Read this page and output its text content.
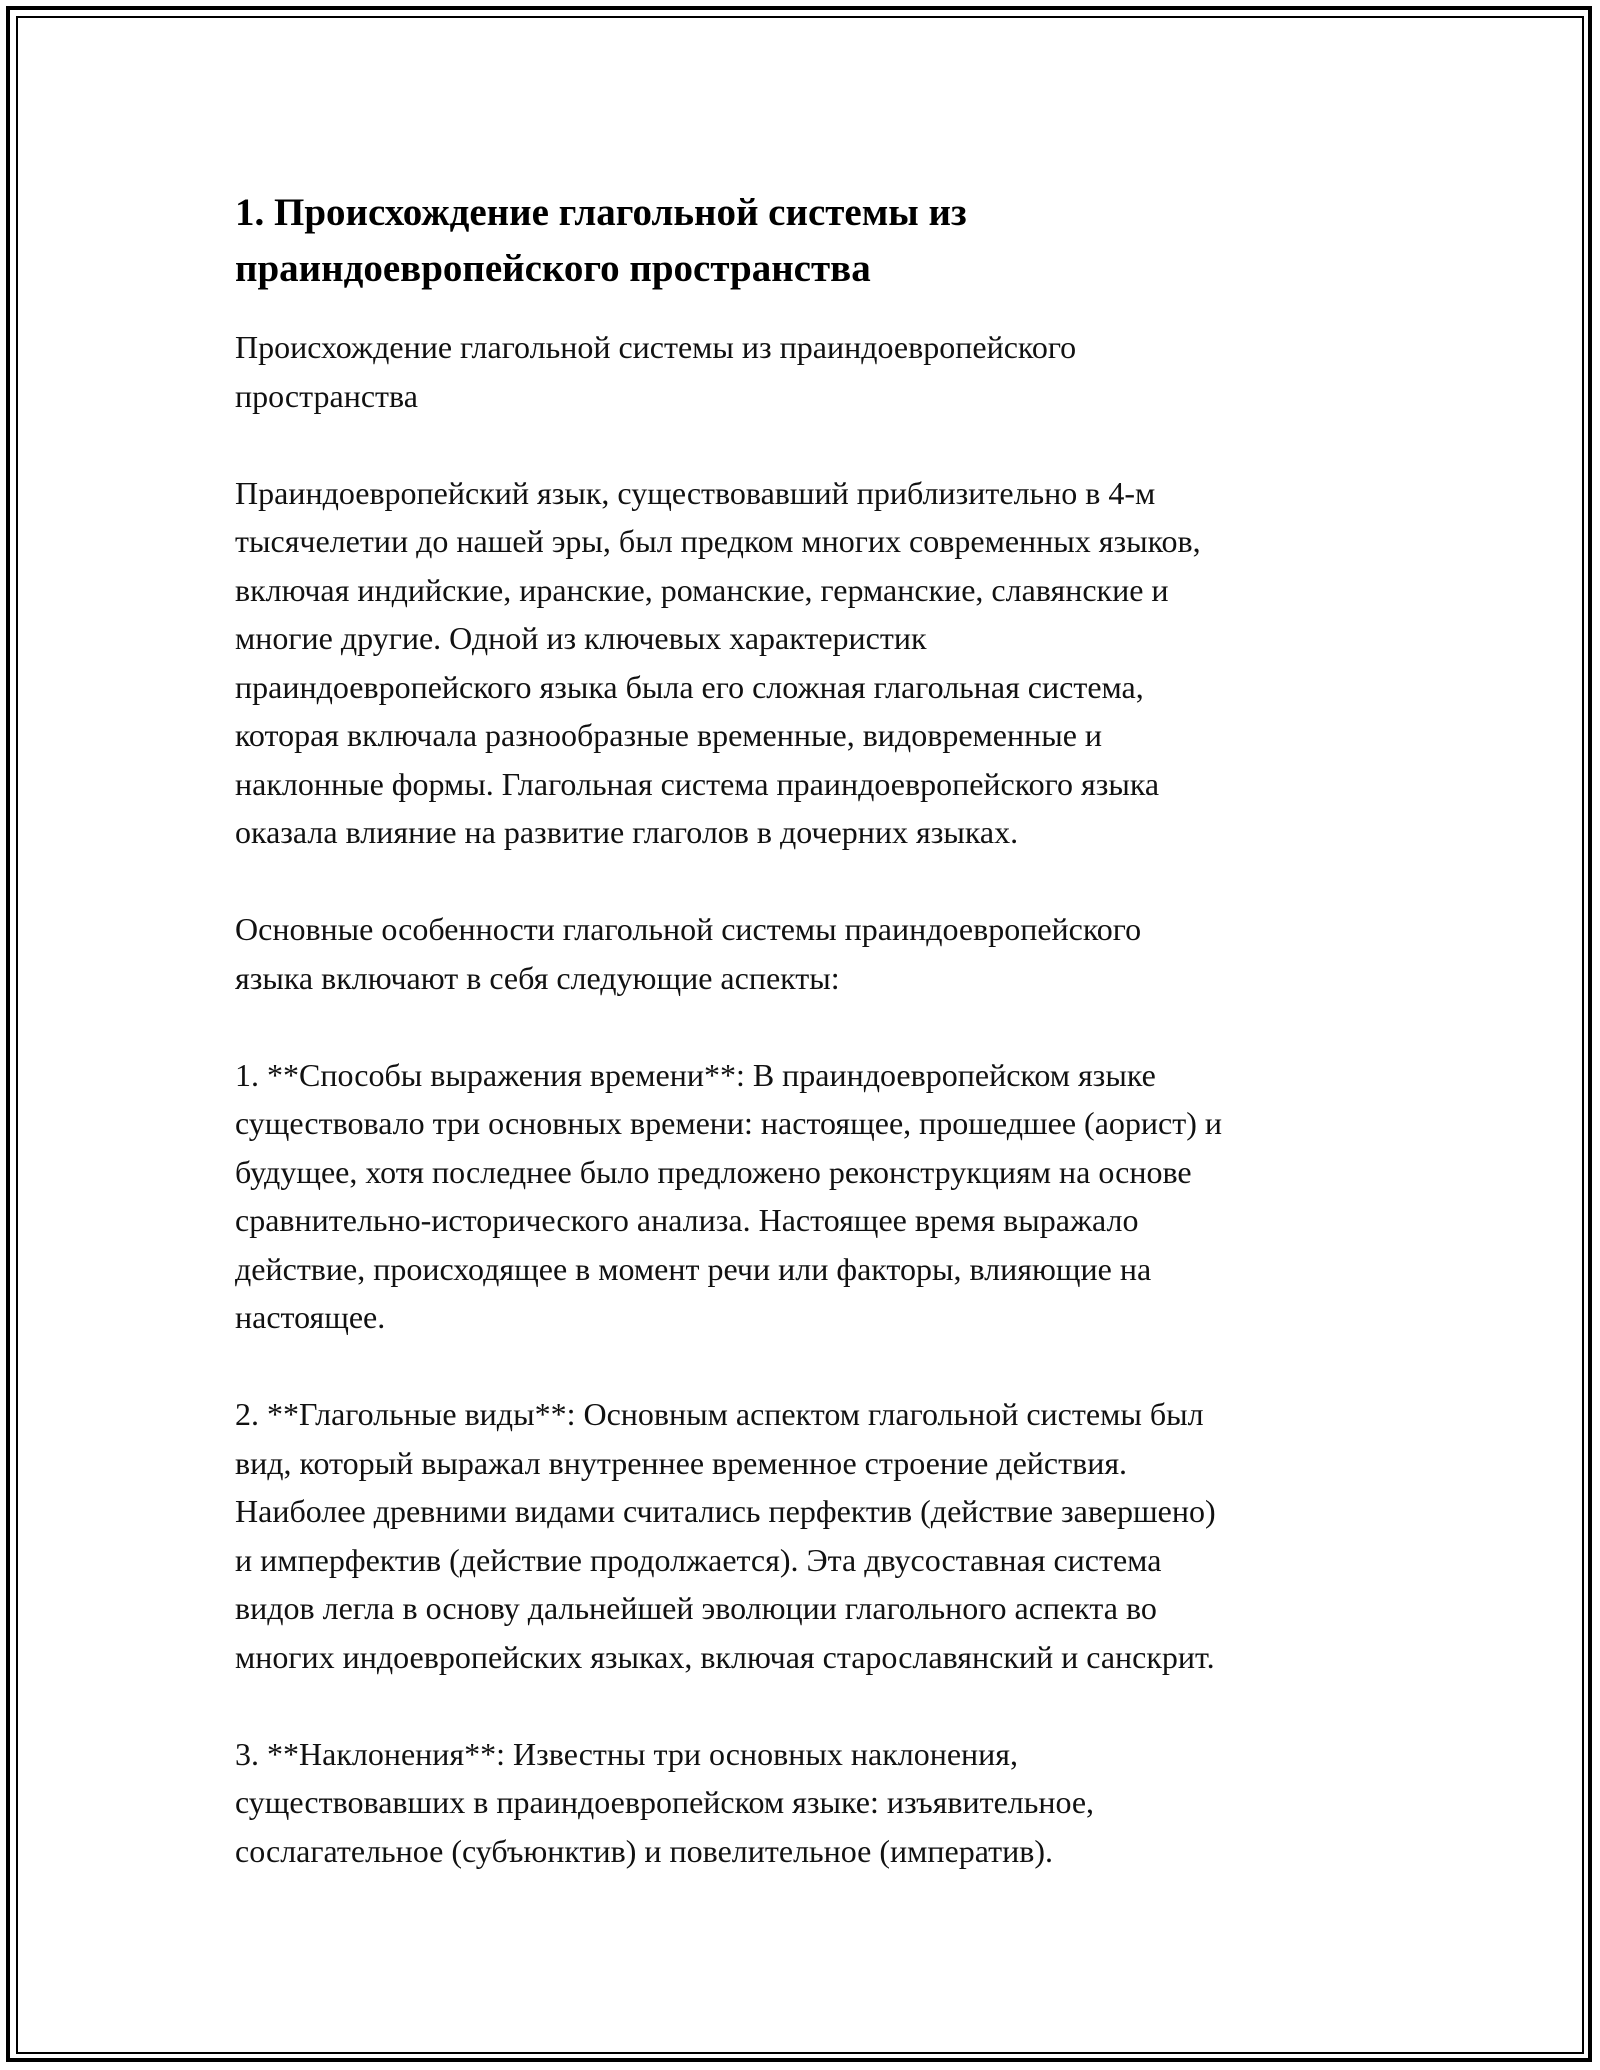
1. Происхождение глагольной системы из
праиндоевропейского пространства
Происхождение глагольной системы из праиндоевропейского
пространства
Праиндоевропейский язык, существовавший приблизительно в 4-м
тысячелетии до нашей эры, был предком многих современных языков,
включая индийские, иранские, романские, германские, славянские и
многие другие. Одной из ключевых характеристик
праиндоевропейского языка была его сложная глагольная система,
которая включала разнообразные временные, видовременные и
наклонные формы. Глагольная система праиндоевропейского языка
оказала влияние на развитие глаголов в дочерних языках.
Основные особенности глагольной системы праиндоевропейского
языка включают в себя следующие аспекты:
1. **Способы выражения времени**: В праиндоевропейском языке
существовало три основных времени: настоящее, прошедшее (аорист) и
будущее, хотя последнее было предложено реконструкциям на основе
сравнительно-исторического анализа. Настоящее время выражало
действие, происходящее в момент речи или факторы, влияющие на
настоящее.
2. **Глагольные виды**: Основным аспектом глагольной системы был
вид, который выражал внутреннее временное строение действия.
Наиболее древними видами считались перфектив (действие завершено)
и имперфектив (действие продолжается). Эта двусоставная система
видов легла в основу дальнейшей эволюции глагольного аспекта во
многих индоевропейских языках, включая старославянский и санскрит.
3. **Наклонения**: Известны три основных наклонения,
существовавших в праиндоевропейском языке: изъявительное,
сослагательное (субъюнктив) и повелительное (императив).
